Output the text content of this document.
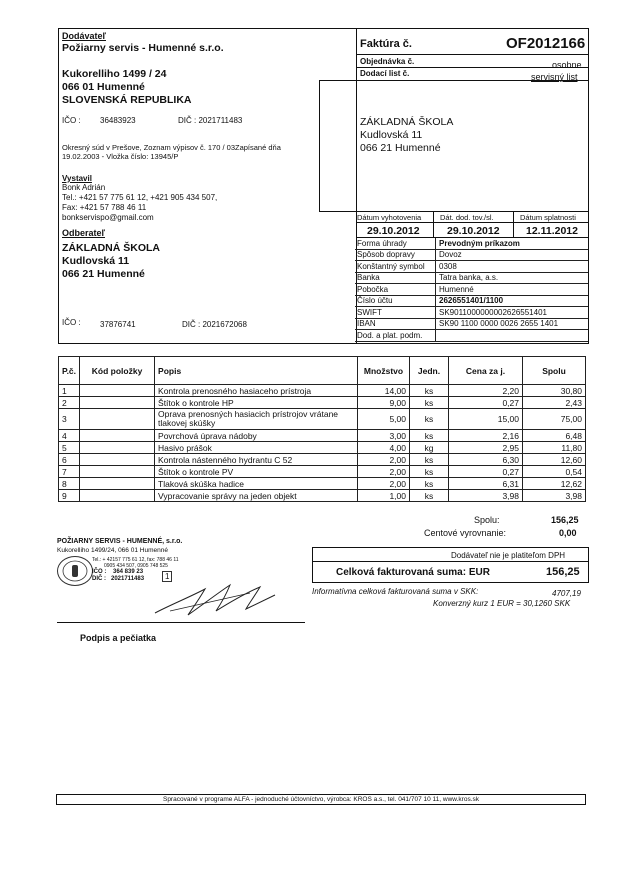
Dodávateľ
Požiarny servis - Humenné s.r.o.
Kukorelliho 1499 / 24
066 01 Humenné
SLOVENSKÁ REPUBLIKA
IČO : 36483923	DIČ : 2021711483
Okresný súd v Prešove, Zoznam výpisov č. 170 / 03Zapísané dňa
19.02.2003 - Vložka číslo: 13945/P
Vystavil
Bonk Adrián
Tel.: +421 57 775 61 12, +421 905 434 507,
Fax: +421 57 788 46 11
bonkservispo@gmail.com
Odberateľ
ZÁKLADNÁ ŠKOLA
Kudlovská 11
066 21 Humenné
IČO : 37876741	DIČ : 2021672068
Faktúra č.	OF2012166
Objednávka č.	osobne
Dodací list č.	servisný list
ZÁKLADNÁ ŠKOLA
Kudlovská 11
066 21 Humenné
Dátum vyhotovenia	Dát. dod. tov./sl.	Dátum splatnosti
29.10.2012	29.10.2012	12.11.2012
Forma úhrady	Prevodným príkazom
Spôsob dopravy	Dovoz
Konštantný symbol	0308
Banka	Tatra banka, a.s.
Pobočka	Humenné
Číslo účtu	2626551401/1100
SWIFT	SK9011000000002626551401
IBAN	SK90 1100 0000 0026 2655 1401
Dod. a plat. podm.	
P.č.	Kód položky	Popis	Množstvo	Jedn.	Cena za j.	Spolu
1		Kontrola prenosného hasiaceho prístroja	14,00	ks	2,20	30,80
2		Štítok o kontrole HP	9,00	ks	0,27	2,43
3		Oprava prenosných hasiacich prístrojov vrátane tlakovej skúšky	5,00	ks	15,00	75,00
4		Povrchová úprava nádoby	3,00	ks	2,16	6,48
5		Hasivo prášok	4,00	kg	2,95	11,80
6		Kontrola nástenného hydrantu C 52	2,00	ks	6,30	12,60
7		Štítok o kontrole PV	2,00	ks	0,27	0,54
8		Tlaková skúška hadice	2,00	ks	6,31	12,62
9		Vypracovanie správy na jeden objekt	1,00	ks	3,98	3,98
Spolu:	156,25
Centové vyrovnanie:	0,00
Dodávateľ nie je platiteľom DPH
Celková fakturovaná suma: EUR	156,25
Informatívna celková fakturovaná suma v SKK:	4707,19
Konverzný kurz 1 EUR = 30,1260 SKK
POŽIARNY SERVIS - HUMENNÉ, s.r.o.
Kukorelliho 1499/24, 066 01 Humenné
Tel.: + 42157 775 61 12, fax: 788 46 11
0905 434 507, 0905 748 525
IČO :    364 839 23
DIČ :   2021711483	1
Podpis a pečiatka
Spracované v programe ALFA - jednoduché účtovníctvo, výrobca: KROS a.s., tel. 041/707 10 11, www.kros.sk
